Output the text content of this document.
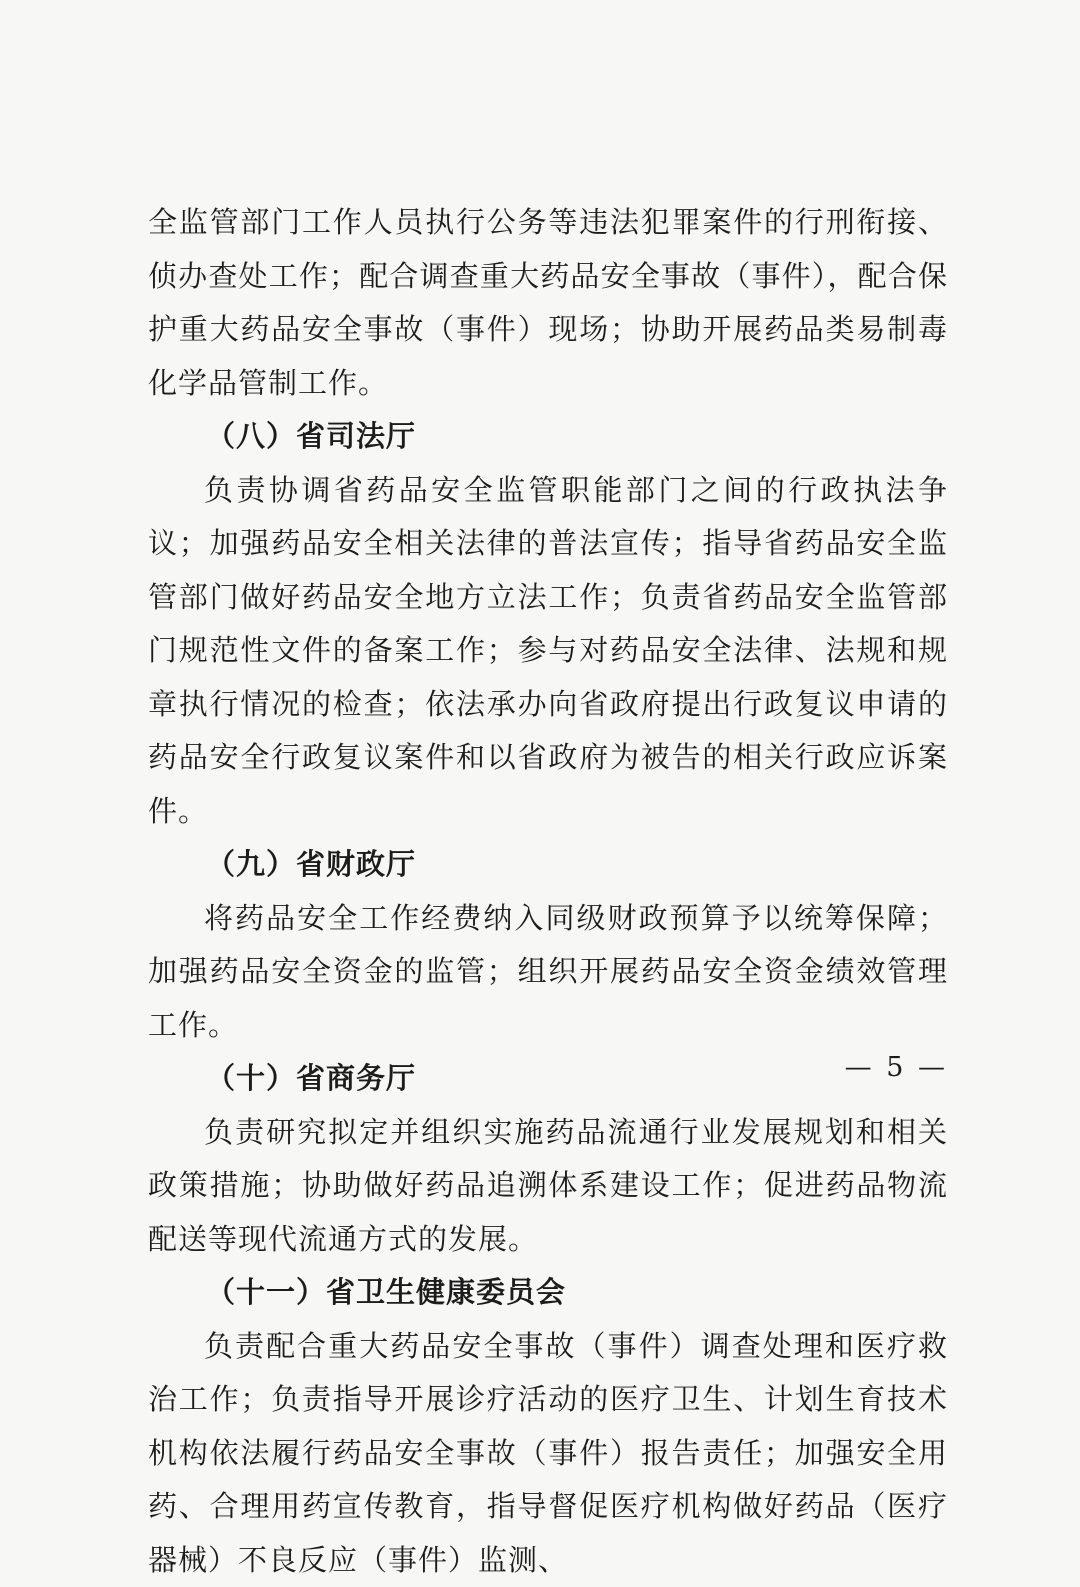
全监管部门工作人员执行公务等违法犯罪案件的行刑衔接、侦办查处工作；配合调查重大药品安全事故（事件），配合保护重大药品安全事故（事件）现场；协助开展药品类易制毒化学品管制工作。

（八）省司法厅

负责协调省药品安全监管职能部门之间的行政执法争议；加强药品安全相关法律的普法宣传；指导省药品安全监管部门做好药品安全地方立法工作；负责省药品安全监管部门规范性文件的备案工作；参与对药品安全法律、法规和规章执行情况的检查；依法承办向省政府提出行政复议申请的药品安全行政复议案件和以省政府为被告的相关行政应诉案件。

（九）省财政厅

将药品安全工作经费纳入同级财政预算予以统筹保障；加强药品安全资金的监管；组织开展药品安全资金绩效管理工作。

（十）省商务厅

负责研究拟定并组织实施药品流通行业发展规划和相关政策措施；协助做好药品追溯体系建设工作；促进药品物流配送等现代流通方式的发展。

（十一）省卫生健康委员会

负责配合重大药品安全事故（事件）调查处理和医疗救治工作；负责指导开展诊疗活动的医疗卫生、计划生育技术机构依法履行药品安全事故（事件）报告责任；加强安全用药、合理用药宣传教育，指导督促医疗机构做好药品（医疗器械）不良反应（事件）监测、

— 5 —
